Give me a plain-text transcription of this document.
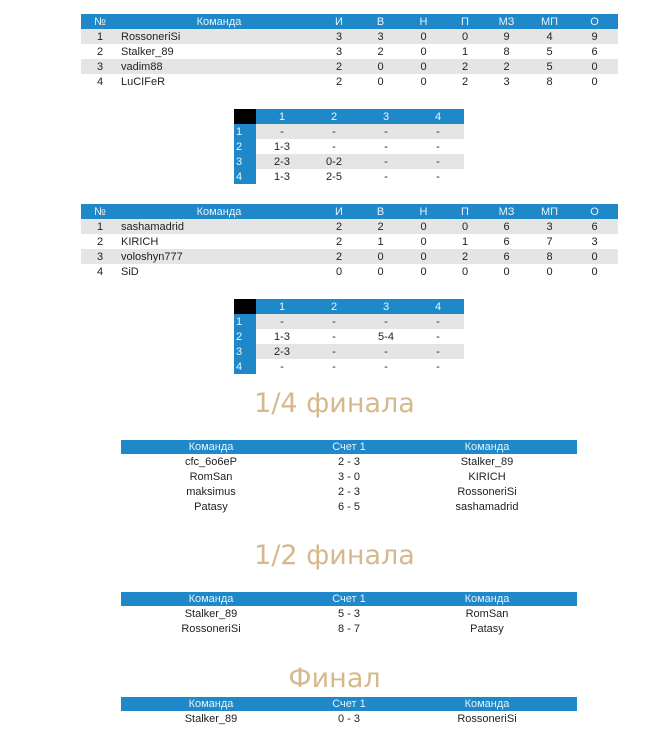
№	Команда	И	В	Н	П	МЗ	МП	О
1	RossoneriSi	3	3	0	0	9	4	9
2	Stalker_89	3	2	0	1	8	5	6
3	vadim88	2	0	0	2	2	5	0
4	LuCIFeR	2	0	0	2	3	8	0
	1	2	3	4
1	-	-	-	-
2	1-3	-	-	-
3	2-3	0-2	-	-
4	1-3	2-5	-	-
№	Команда	И	В	Н	П	МЗ	МП	О
1	sashamadrid	2	2	0	0	6	3	6
2	KIRICH	2	1	0	1	6	7	3
3	voloshyn777	2	0	0	2	6	8	0
4	SiD	0	0	0	0	0	0	0
	1	2	3	4
1	-	-	-	-
2	1-3	-	5-4	-
3	2-3	-	-	-
4	-	-	-	-
1/4 финала
Команда	Счет 1	Команда
cfc_6o6eP	2 - 3	Stalker_89
RomSan	3 - 0	KIRICH
maksimus	2 - 3	RossoneriSi
Patasy	6 - 5	sashamadrid
1/2 финала
Команда	Счет 1	Команда
Stalker_89	5 - 3	RomSan
RossoneriSi	8 - 7	Patasy
Финал
Команда	Счет 1	Команда
Stalker_89	0 - 3	RossoneriSi
